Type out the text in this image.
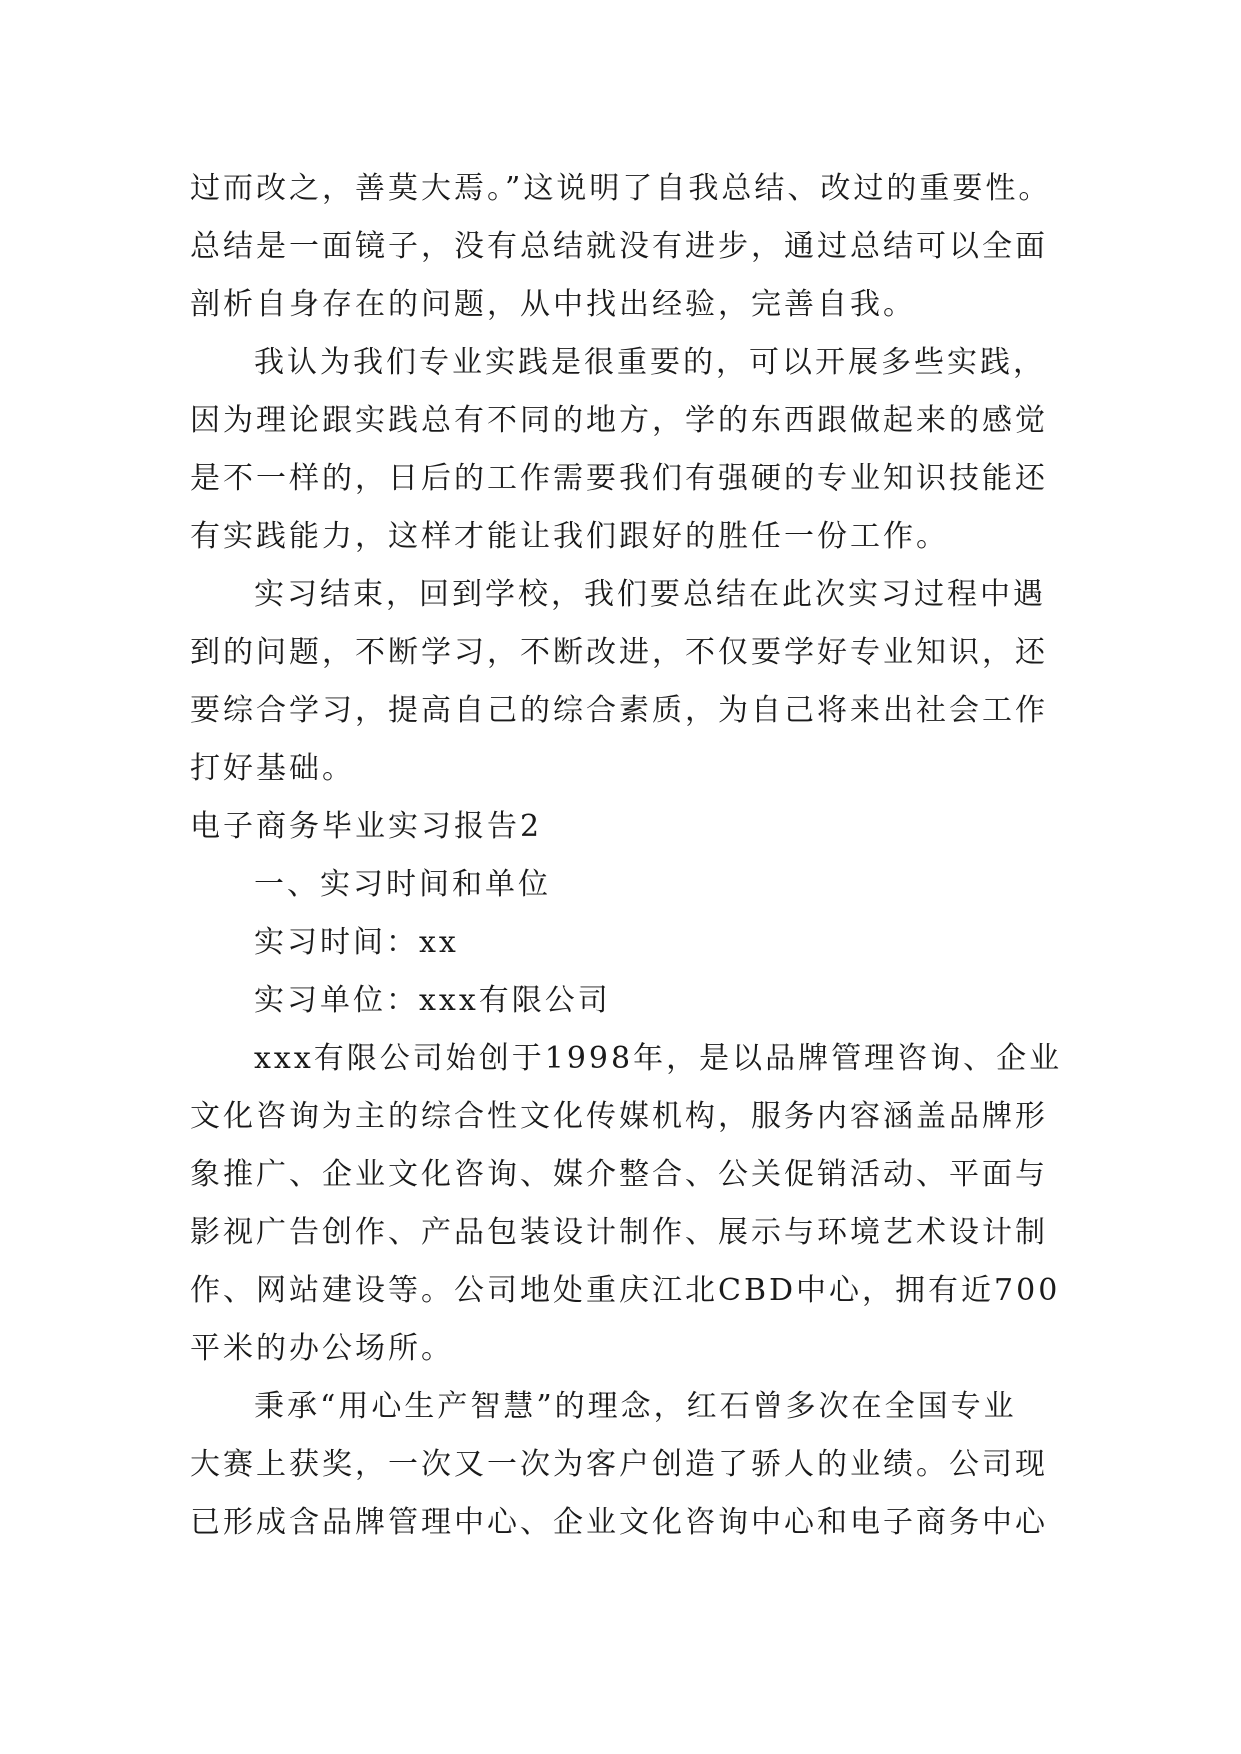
过而改之，善莫大焉。”这说明了自我总结、改过的重要性。
总结是一面镜子，没有总结就没有进步，通过总结可以全面
剖析自身存在的问题，从中找出经验，完善自我。
我认为我们专业实践是很重要的，可以开展多些实践，
因为理论跟实践总有不同的地方，学的东西跟做起来的感觉
是不一样的，日后的工作需要我们有强硬的专业知识技能还
有实践能力，这样才能让我们跟好的胜任一份工作。
实习结束，回到学校，我们要总结在此次实习过程中遇
到的问题，不断学习，不断改进，不仅要学好专业知识，还
要综合学习，提高自己的综合素质，为自己将来出社会工作
打好基础。
电子商务毕业实习报告2
一、实习时间和单位
实习时间：xx
实习单位：xxx有限公司
xxx有限公司始创于1998年，是以品牌管理咨询、企业
文化咨询为主的综合性文化传媒机构，服务内容涵盖品牌形
象推广、企业文化咨询、媒介整合、公关促销活动、平面与
影视广告创作、产品包装设计制作、展示与环境艺术设计制
作、网站建设等。公司地处重庆江北CBD中心，拥有近700
平米的办公场所。
秉承“用心生产智慧”的理念，红石曾多次在全国专业
大赛上获奖，一次又一次为客户创造了骄人的业绩。公司现
已形成含品牌管理中心、企业文化咨询中心和电子商务中心
